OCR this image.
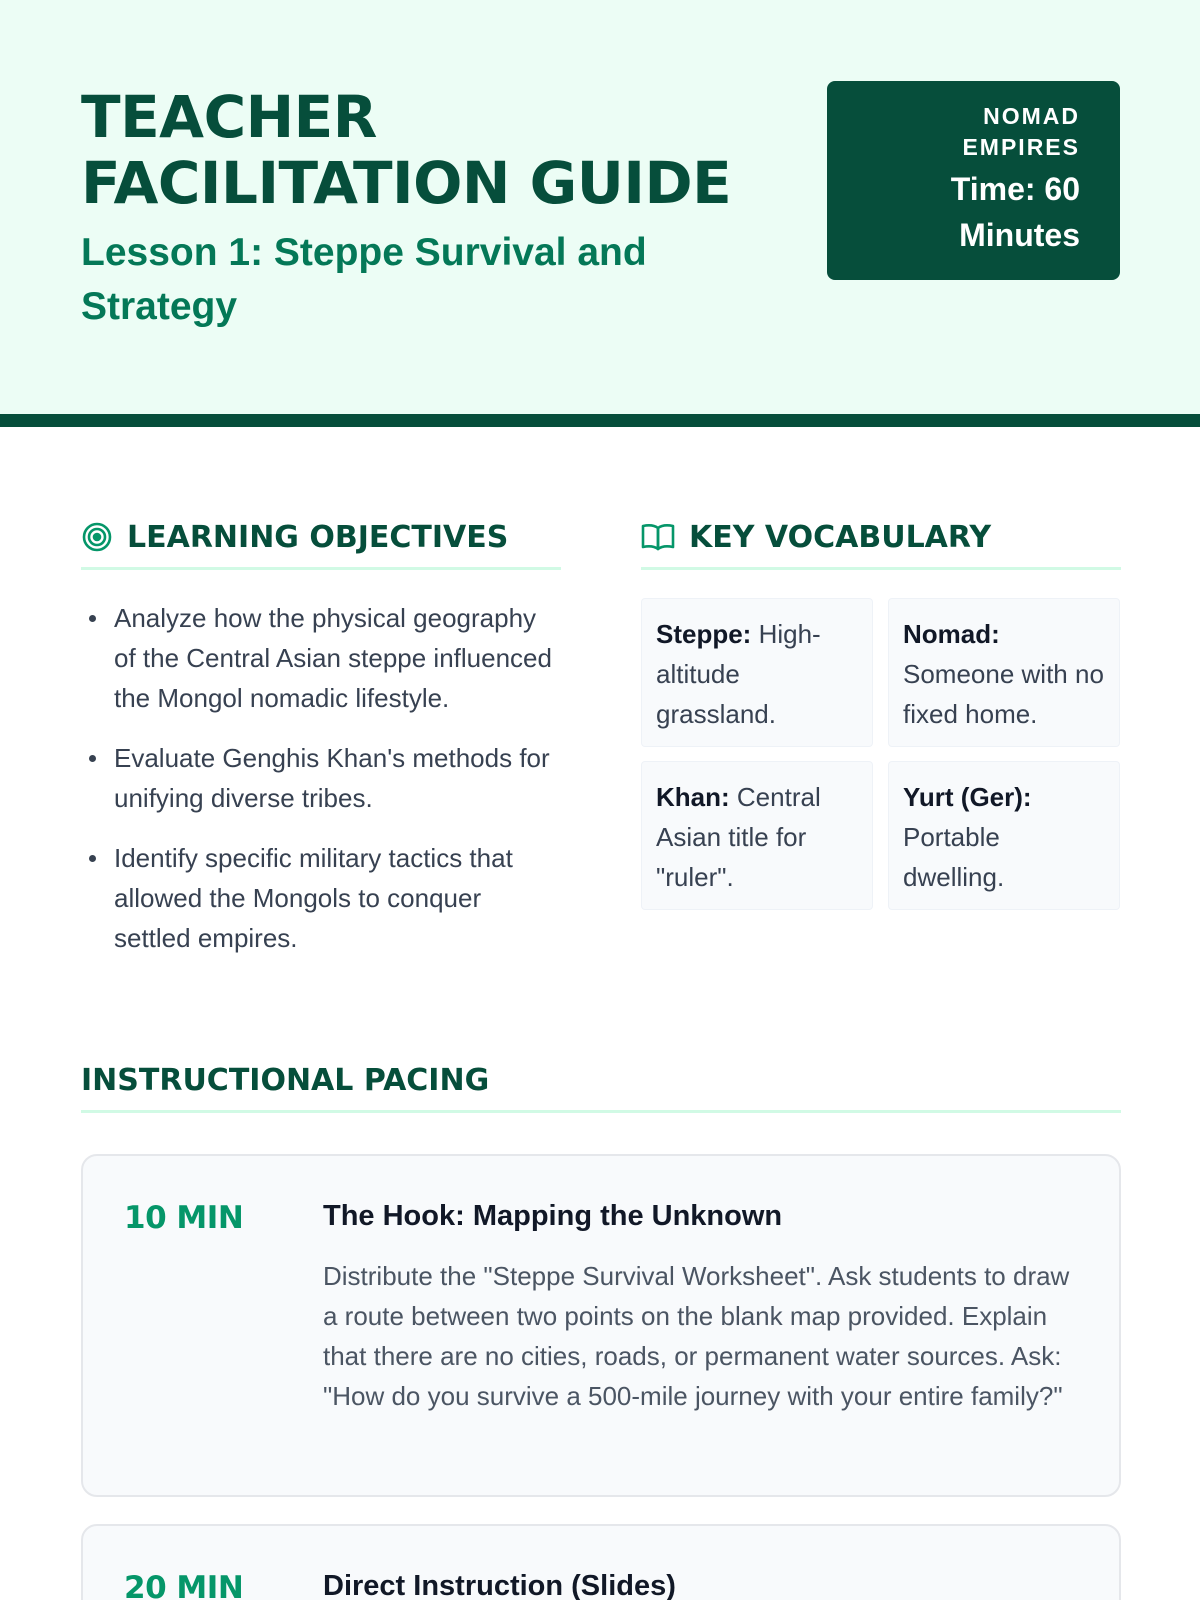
TEACHER
FACILITATION GUIDE
Lesson 1: Steppe Survival and Strategy
NOMAD
EMPIRES
Time: 60 Minutes
LEARNING OBJECTIVES
Analyze how the physical geography of the Central Asian steppe influenced the Mongol nomadic lifestyle.
Evaluate Genghis Khan's methods for unifying diverse tribes.
Identify specific military tactics that allowed the Mongols to conquer settled empires.
KEY VOCABULARY
Steppe: High-altitude grassland.
Nomad: Someone with no fixed home.
Khan: Central Asian title for "ruler".
Yurt (Ger): Portable dwelling.
INSTRUCTIONAL PACING
10 MIN	The Hook: Mapping the Unknown

Distribute the "Steppe Survival Worksheet". Ask students to draw a route between two points on the blank map provided. Explain that there are no cities, roads, or permanent water sources. Ask: "How do you survive a 500-mile journey with your entire family?"

20 MIN	Direct Instruction (Slides)
